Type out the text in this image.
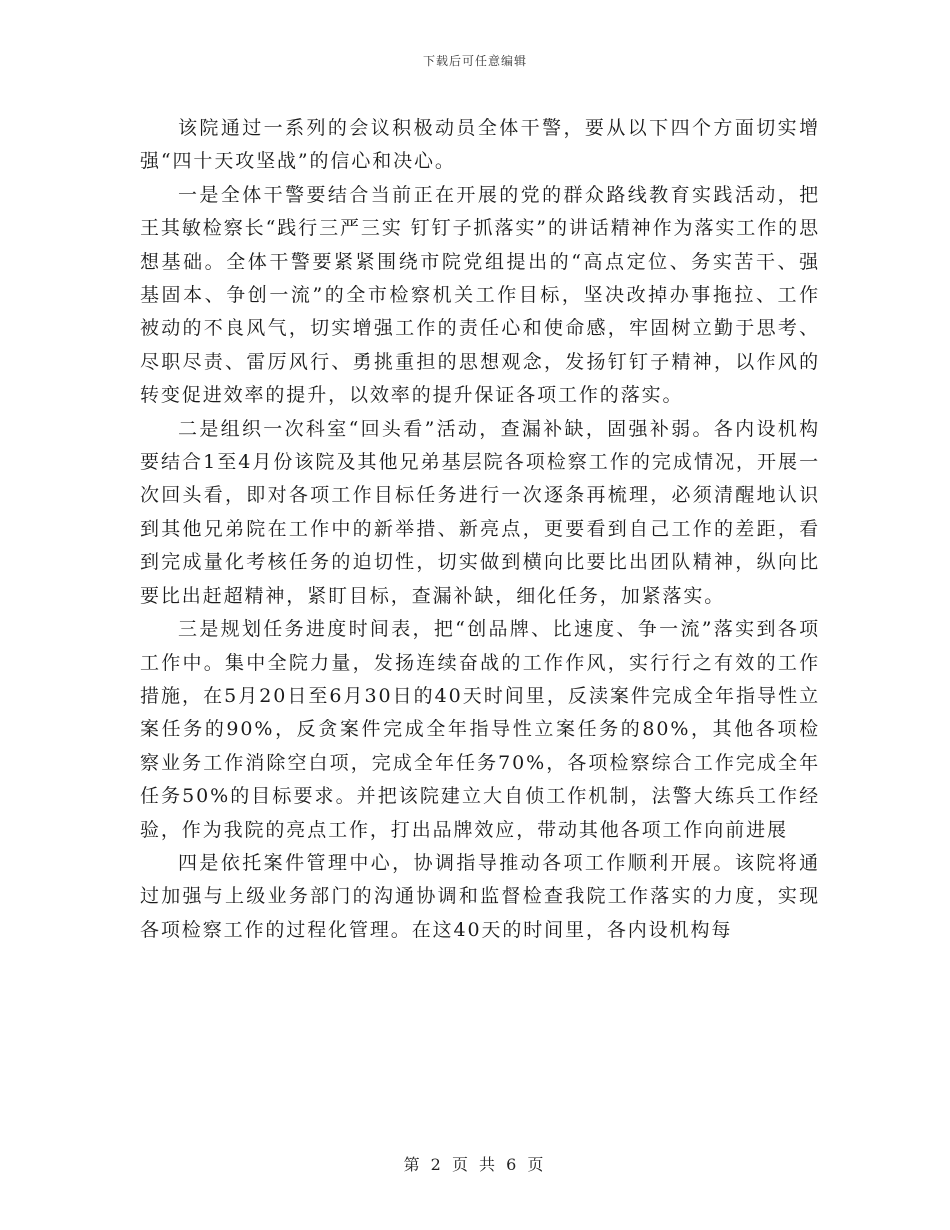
下载后可任意编辑

该院通过一系列的会议积极动员全体干警，要从以下四个方面切实增强“四十天攻坚战”的信心和决心。

一是全体干警要结合当前正在开展的党的群众路线教育实践活动，把王其敏检察长“践行三严三实 钉钉子抓落实”的讲话精神作为落实工作的思想基础。全体干警要紧紧围绕市院党组提出的“高点定位、务实苦干、强基固本、争创一流”的全市检察机关工作目标，坚决改掉办事拖拉、工作被动的不良风气，切实增强工作的责任心和使命感，牢固树立勤于思考、尽职尽责、雷厉风行、勇挑重担的思想观念，发扬钉钉子精神，以作风的转变促进效率的提升，以效率的提升保证各项工作的落实。

二是组织一次科室“回头看”活动，查漏补缺，固强补弱。各内设机构要结合1至4月份该院及其他兄弟基层院各项检察工作的完成情况，开展一次回头看，即对各项工作目标任务进行一次逐条再梳理，必须清醒地认识到其他兄弟院在工作中的新举措、新亮点，更要看到自己工作的差距，看到完成量化考核任务的迫切性，切实做到横向比要比出团队精神，纵向比要比出赶超精神，紧盯目标，查漏补缺，细化任务，加紧落实。

三是规划任务进度时间表，把“创品牌、比速度、争一流”落实到各项工作中。集中全院力量，发扬连续奋战的工作作风，实行行之有效的工作措施，在5月20日至6月30日的40天时间里，反渎案件完成全年指导性立案任务的90%，反贪案件完成全年指导性立案任务的80%，其他各项检察业务工作消除空白项，完成全年任务70%，各项检察综合工作完成全年任务50%的目标要求。并把该院建立大自侦工作机制，法警大练兵工作经验，作为我院的亮点工作，打出品牌效应，带动其他各项工作向前进展

四是依托案件管理中心，协调指导推动各项工作顺利开展。该院将通过加强与上级业务部门的沟通协调和监督检查我院工作落实的力度，实现各项检察工作的过程化管理。在这40天的时间里，各内设机构每

第 2 页 共 6 页
